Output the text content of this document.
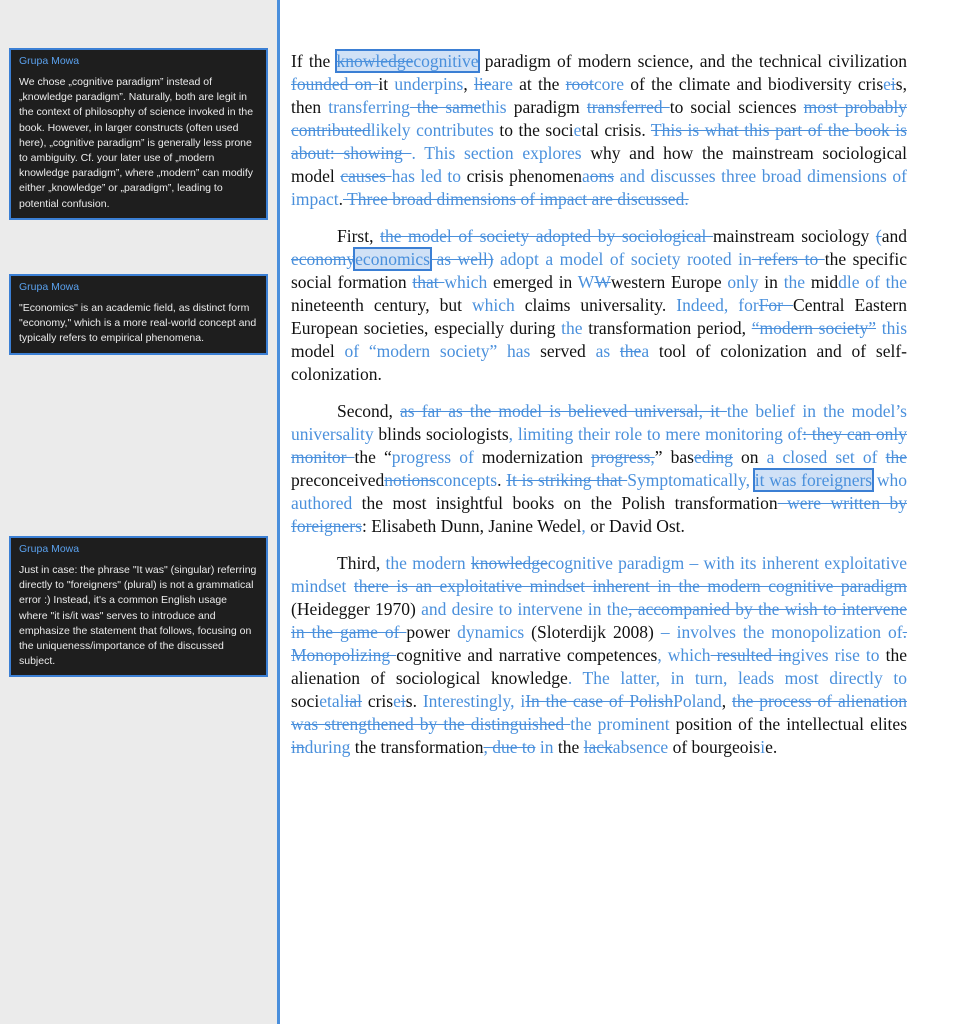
Grupa Mowa
We chose „cognitive paradigm” instead of „knowledge paradigm”. Naturally, both are legit in the context of philosophy of science invoked in the book. However, in larger constructs (often used here), „cognitive paradigm” is generally less prone to ambiguity. Cf. your later use of „modern knowledge paradigm”, where „modern” can modify either „knowledge” or „paradigm”, leading to potential confusion.
Grupa Mowa
"Economics" is an academic field, as distinct form "economy," which is a more real-world concept and typically refers to empirical phenomena.
Grupa Mowa
Just in case: the phrase "It was" (singular) referring directly to "foreigners" (plural) is not a grammatical error :) Instead, it's a common English usage where "it is/it was" serves to introduce and emphasize the statement that follows, focusing on the uniqueness/importance of the discussed subject.

If the knowledgecognitive paradigm of modern science, and the technical civilization founded on it underpins, lieare at the rootcore of the climate and biodiversity criseis, then transferring the samethis paradigm transferred to social sciences most probably contributedlikely contributes to the societal crisis. This is what this part of the book is about: showing . This section explores why and how the mainstream sociological model causes has led to crisis phenomenaons and discusses three broad dimensions of impact. Three broad dimensions of impact are discussed.

First, the model of society adopted by sociological mainstream sociology (and economyeconomics as well) adopt a model of society rooted in refers to the specific social formation that which emerged in WWwestern Europe only in the middle of the nineteenth century, but which claims universality. Indeed, forFor Central Eastern European societies, especially during the transformation period, “modern society” this model of “modern society” has served as thea tool of colonization and of self-colonization.

Second, as far as the model is believed universal, it the belief in the model’s universality blinds sociologists, limiting their role to mere monitoring of: they can only monitor the “progress of modernization progress,” baseding on a closed set of the preconceivednotionsconcepts. It is striking that Symptomatically, it was foreigners who authored the most insightful books on the Polish transformation were written by foreigners: Elisabeth Dunn, Janine Wedel, or David Ost.

Third, the modern knowledgecognitive paradigm – with its inherent exploitative mindset there is an exploitative mindset inherent in the modern cognitive paradigm (Heidegger 1970) and desire to intervene in the, accompanied by the wish to intervene in the game of power dynamics (Sloterdijk 2008) – involves the monopolization of. Monopolizing cognitive and narrative competences, which resulted ingives rise to the alienation of sociological knowledge. The latter, in turn, leads most directly to societalial criseis. Interestingly, iIn the case of PolishPoland, the process of alienation was strengthened by the distinguished the prominent position of the intellectual elites induring the transformation, due to in the lackabsence of bourgeoisie.
